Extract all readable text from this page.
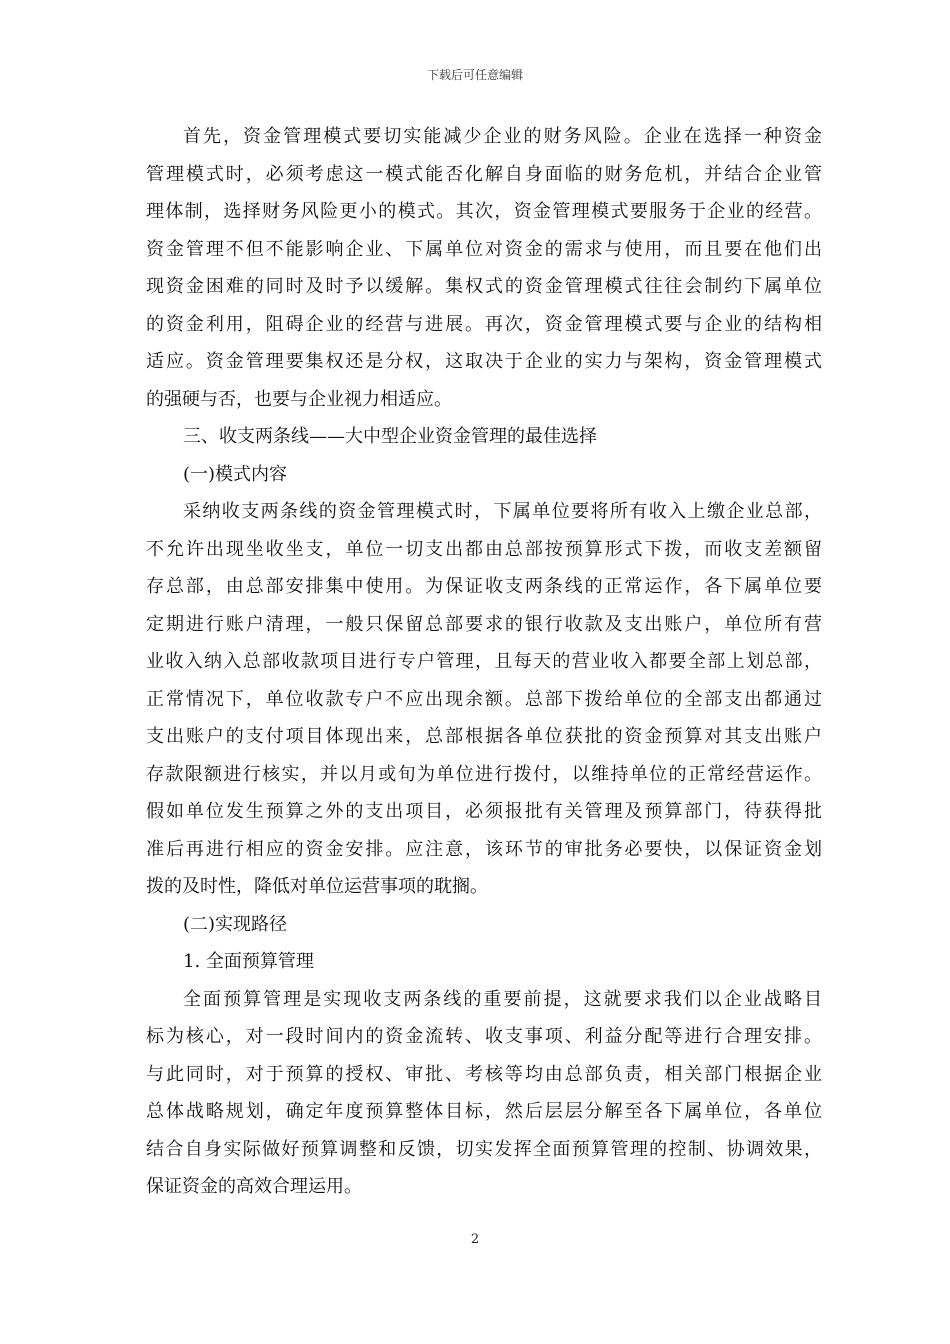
下载后可任意编辑
首先，资金管理模式要切实能减少企业的财务风险。企业在选择一种资金
管理模式时，必须考虑这一模式能否化解自身面临的财务危机，并结合企业管
理体制，选择财务风险更小的模式。其次，资金管理模式要服务于企业的经营。
资金管理不但不能影响企业、下属单位对资金的需求与使用，而且要在他们出
现资金困难的同时及时予以缓解。集权式的资金管理模式往往会制约下属单位
的资金利用，阻碍企业的经营与进展。再次，资金管理模式要与企业的结构相
适应。资金管理要集权还是分权，这取决于企业的实力与架构，资金管理模式
的强硬与否，也要与企业视力相适应。
三、收支两条线——大中型企业资金管理的最佳选择
(一)模式内容
采纳收支两条线的资金管理模式时，下属单位要将所有收入上缴企业总部，
不允许出现坐收坐支，单位一切支出都由总部按预算形式下拨，而收支差额留
存总部，由总部安排集中使用。为保证收支两条线的正常运作，各下属单位要
定期进行账户清理，一般只保留总部要求的银行收款及支出账户，单位所有营
业收入纳入总部收款项目进行专户管理，且每天的营业收入都要全部上划总部，
正常情况下，单位收款专户不应出现余额。总部下拨给单位的全部支出都通过
支出账户的支付项目体现出来，总部根据各单位获批的资金预算对其支出账户
存款限额进行核实，并以月或旬为单位进行拨付，以维持单位的正常经营运作。
假如单位发生预算之外的支出项目，必须报批有关管理及预算部门，待获得批
准后再进行相应的资金安排。应注意，该环节的审批务必要快，以保证资金划
拨的及时性，降低对单位运营事项的耽搁。
(二)实现路径
1. 全面预算管理
全面预算管理是实现收支两条线的重要前提，这就要求我们以企业战略目
标为核心，对一段时间内的资金流转、收支事项、利益分配等进行合理安排。
与此同时，对于预算的授权、审批、考核等均由总部负责，相关部门根据企业
总体战略规划，确定年度预算整体目标，然后层层分解至各下属单位，各单位
结合自身实际做好预算调整和反馈，切实发挥全面预算管理的控制、协调效果，
保证资金的高效合理运用。
2
